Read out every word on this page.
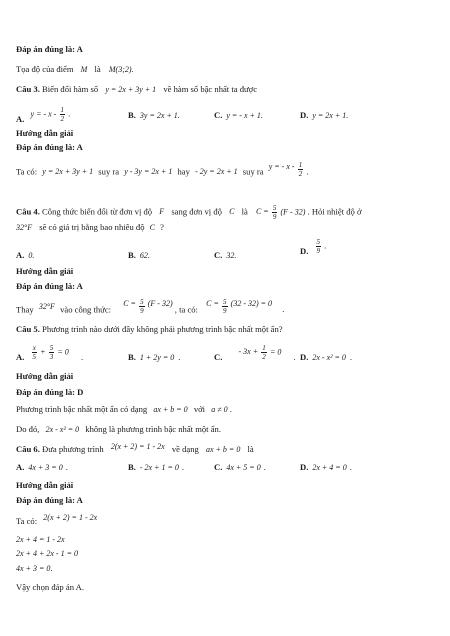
Đáp án đúng là: A
Tọa độ của điểm M là M(3;2).
Câu 3. Biến đổi hàm số y = 2x + 3y + 1 về hàm số bậc nhất ta được
A. y = - x - $\frac{1}{2}$ .	B. 3y = 2x + 1.	C. y = - x + 1.	D. y = 2x + 1.
Hướng dẫn giải
Đáp án đúng là: A
Ta có: y = 2x + 3y + 1 suy ra y - 3y = 2x + 1 hay - 2y = 2x + 1 suy ra y = - x - $\frac{1}{2}$ .
Câu 4. Công thức biến đổi từ đơn vị độ F sang đơn vị độ C là $C = \frac{5}{9} (F - 32)$ . Hỏi nhiệt độ ở
32°F sẽ có giá trị bằng bao nhiêu độ C ?
A. 0.	B. 62.	C. 32.	D. $\frac{5}{9}$ .
Hướng dẫn giải
Đáp án đúng là: A
Thay 32°F vào công thức: $C = \frac{5}{9} (F - 32)$ , ta có: $C = \frac{5}{9} (32 - 32) = 0$ .
Câu 5. Phương trình nào dưới đây không phải phương trình bậc nhất một ẩn?
A. $\frac{x}{5} + \frac{5}{3} = 0$ .	B. 1 + 2y = 0 .	C. - $3x + \frac{1}{2} = 0$ . D. 2x - x² = 0 .
Hướng dẫn giải
Đáp án đúng là: D
Phương trình bậc nhất một ẩn có dạng ax + b = 0 với a ≠ 0 .
Do đó, 2x - x² = 0 không là phương trình bậc nhất một ẩn.
Câu 6. Đưa phương trình 2(x + 2) = 1 - 2x về dạng ax + b = 0 là
A. 4x + 3 = 0 .	B. - 2x + 1 = 0 .	C. 4x + 5 = 0 .	D. 2x + 4 = 0 .
Hướng dẫn giải
Đáp án đúng là: A
Ta có: 2(x + 2) = 1 - 2x
2x + 4 = 1 - 2x
2x + 4 + 2x - 1 = 0
4x + 3 = 0.
Vậy chọn đáp án A.
